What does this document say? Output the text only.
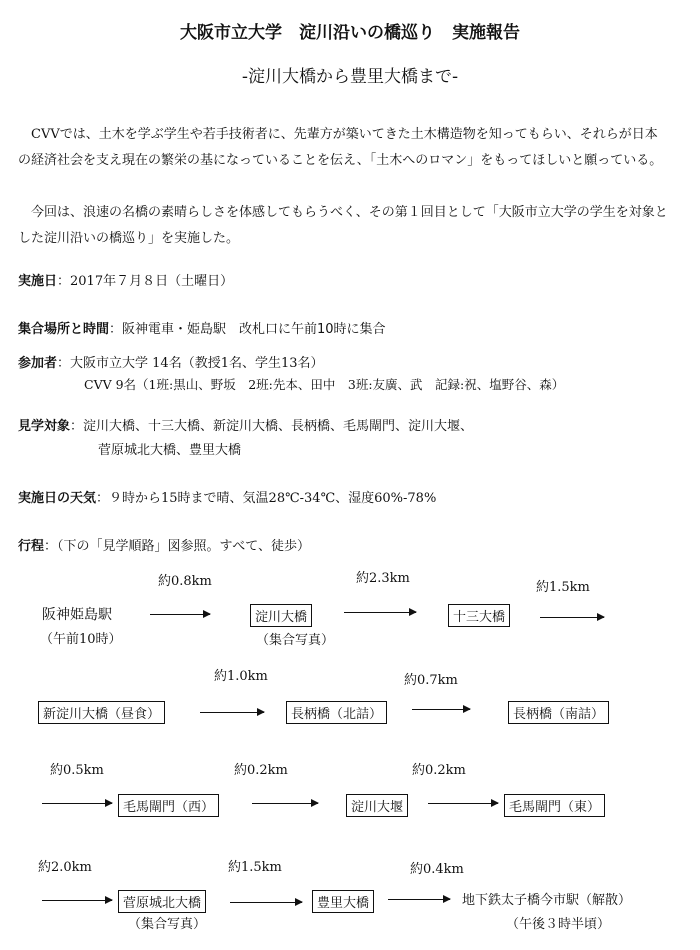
大阪市立大学　淀川沿いの橋巡り　実施報告
-淀川大橋から豊里大橋まで-
CVVでは、土木を学ぶ学生や若手技術者に、先輩方が築いてきた土木構造物を知ってもらい、それらが日本の経済社会を支え現在の繁栄の基になっていることを伝え、「土木へのロマン」をもってほしいと願っている。
今回は、浪速の名橋の素晴らしさを体感してもらうべく、その第１回目として「大阪市立大学の学生を対象とした淀川沿いの橋巡り」を実施した。
実施日：2017年７月８日（土曜日）
集合場所と時間：阪神電車・姫島駅　改札口に午前10時に集合
参加者：大阪市立大学 14名（教授1名、学生13名）
CVV 9名（1班:黒山、野坂　2班:先本、田中　3班:友廣、武　記録:祝、塩野谷、森）
見学対象：淀川大橋、十三大橋、新淀川大橋、長柄橋、毛馬閘門、淀川大堰、
菅原城北大橋、豊里大橋
実施日の天気：９時から15時まで晴、気温28℃-34℃、湿度60%-78%
行程：（下の「見学順路」図参照。すべて、徒歩）
約0.8km	約2.3km
約1.5km
阪神姫島駅
（午前10時）
淀川大橋
（集合写真）
十三大橋
約1.0km	約0.7km
新淀川大橋（昼食）	長柄橋（北詰）	長柄橋（南詰）
約0.5km	約0.2km	約0.2km
毛馬閘門（西）	淀川大堰	毛馬閘門（東）
約2.0km	約1.5km	約0.4km
菅原城北大橋
（集合写真）
豊里大橋	地下鉄太子橋今市駅（解散）
（午後３時半頃）
